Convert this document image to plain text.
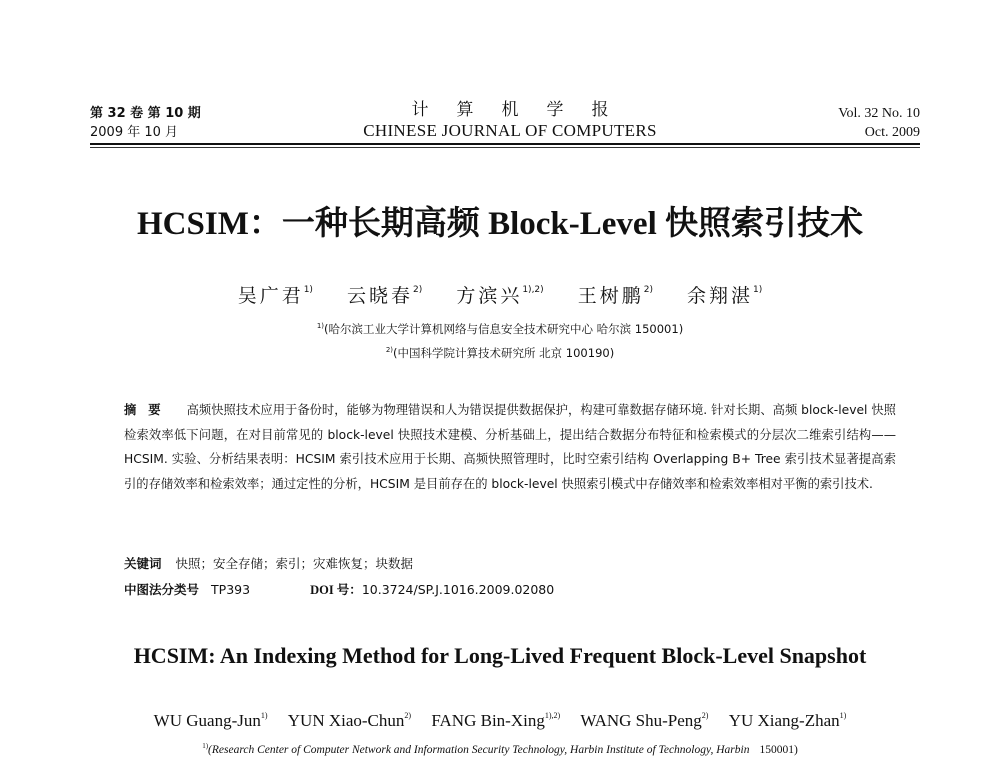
第 32 卷 第 10 期
2009 年 10 月
计算机学报
CHINESE JOURNAL OF COMPUTERS
Vol. 32 No. 10
Oct. 2009
HCSIM：一种长期高频 Block-Level 快照索引技术
吴广君$^{1)}$ 云晓春$^{2)}$ 方滨兴$^{1),2)}$ 王树鹏$^{2)}$ 余翔湛$^{1)}$
$^{1)}$(哈尔滨工业大学计算机网络与信息安全技术研究中心 哈尔滨 150001)
$^{2)}$(中国科学院计算技术研究所 北京 100190)
摘要 高频快照技术应用于备份时，能够为物理错误和人为错误提供数据保护，构建可靠数据存储环境. 针对长期、高频 block-level 快照检索效率低下问题，在对目前常见的 block-level 快照技术建模、分析基础上，提出结合数据分布特征和检索模式的分层次二维索引结构——HCSIM. 实验、分析结果表明：HCSIM 索引技术应用于长期、高频快照管理时，比时空索引结构 Overlapping B+ Tree 索引技术显著提高索引的存储效率和检索效率；通过定性的分析，HCSIM 是目前存在的 block-level 快照索引模式中存储效率和检索效率相对平衡的索引技术.
关键词 快照；安全存储；索引；灾难恢复；块数据
中图法分类号 TP393	DOI 号：10.3724/SP.J.1016.2009.02080
HCSIM: An Indexing Method for Long-Lived Frequent Block-Level Snapshot
WU Guang-Jun$^{1)}$ YUN Xiao-Chun$^{2)}$ FANG Bin-Xing$^{1),2)}$ WANG Shu-Peng$^{2)}$ YU Xiang-Zhan$^{1)}$
$^{1)}$(Research Center of Computer Network and Information Security Technology, Harbin Institute of Technology, Harbin 150001)
